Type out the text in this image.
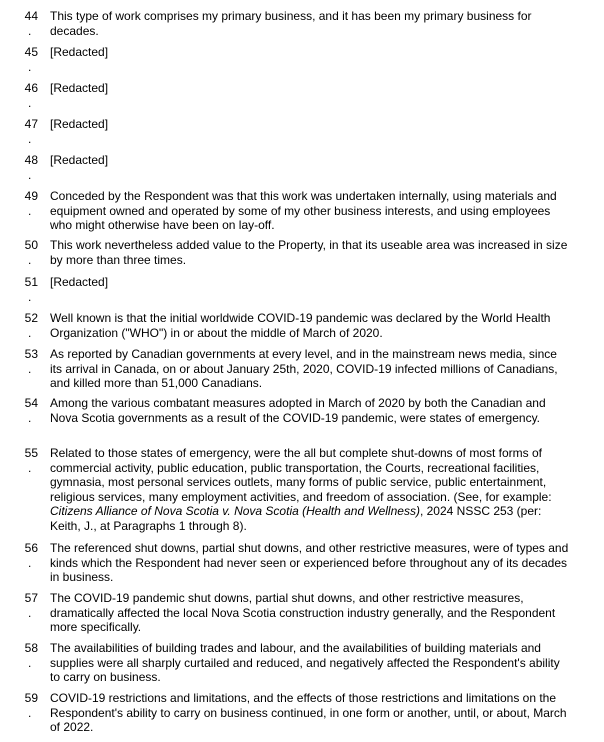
44
.
This type of work comprises my primary business, and it has been my primary business for decades.
45
.
[Redacted]
46
.
[Redacted]
47
.
[Redacted]
48
.
[Redacted]
49
.
Conceded by the Respondent was that this work was undertaken internally, using materials and equipment owned and operated by some of my other business interests, and using employees who might otherwise have been on lay-off.
50
.
This work nevertheless added value to the Property, in that its useable area was increased in size by more than three times.
51
.
[Redacted]
52
.
Well known is that the initial worldwide COVID-19 pandemic was declared by the World Health Organization ("WHO") in or about the middle of March of 2020.
53
.
As reported by Canadian governments at every level, and in the mainstream news media, since its arrival in Canada, on or about January 25th, 2020, COVID-19 infected millions of Canadians, and killed more than 51,000 Canadians.
54
.
Among the various combatant measures adopted in March of 2020 by both the Canadian and Nova Scotia governments as a result of the COVID-19 pandemic, were states of emergency.
55
.
Related to those states of emergency, were the all but complete shut-downs of most forms of commercial activity, public education, public transportation, the Courts, recreational facilities, gymnasia, most personal services outlets, many forms of public service, public entertainment, religious services, many employment activities, and freedom of association. (See, for example: Citizens Alliance of Nova Scotia v. Nova Scotia (Health and Wellness), 2024 NSSC 253 (per: Keith, J., at Paragraphs 1 through 8).
56
.
The referenced shut downs, partial shut downs, and other restrictive measures, were of types and kinds which the Respondent had never seen or experienced before throughout any of its decades in business.
57
.
The COVID-19 pandemic shut downs, partial shut downs, and other restrictive measures, dramatically affected the local Nova Scotia construction industry generally, and the Respondent more specifically.
58
.
The availabilities of building trades and labour, and the availabilities of building materials and supplies were all sharply curtailed and reduced, and negatively affected the Respondent's ability to carry on business.
59
.
COVID-19 restrictions and limitations, and the effects of those restrictions and limitations on the Respondent's ability to carry on business continued, in one form or another, until, or about, March of 2022.
